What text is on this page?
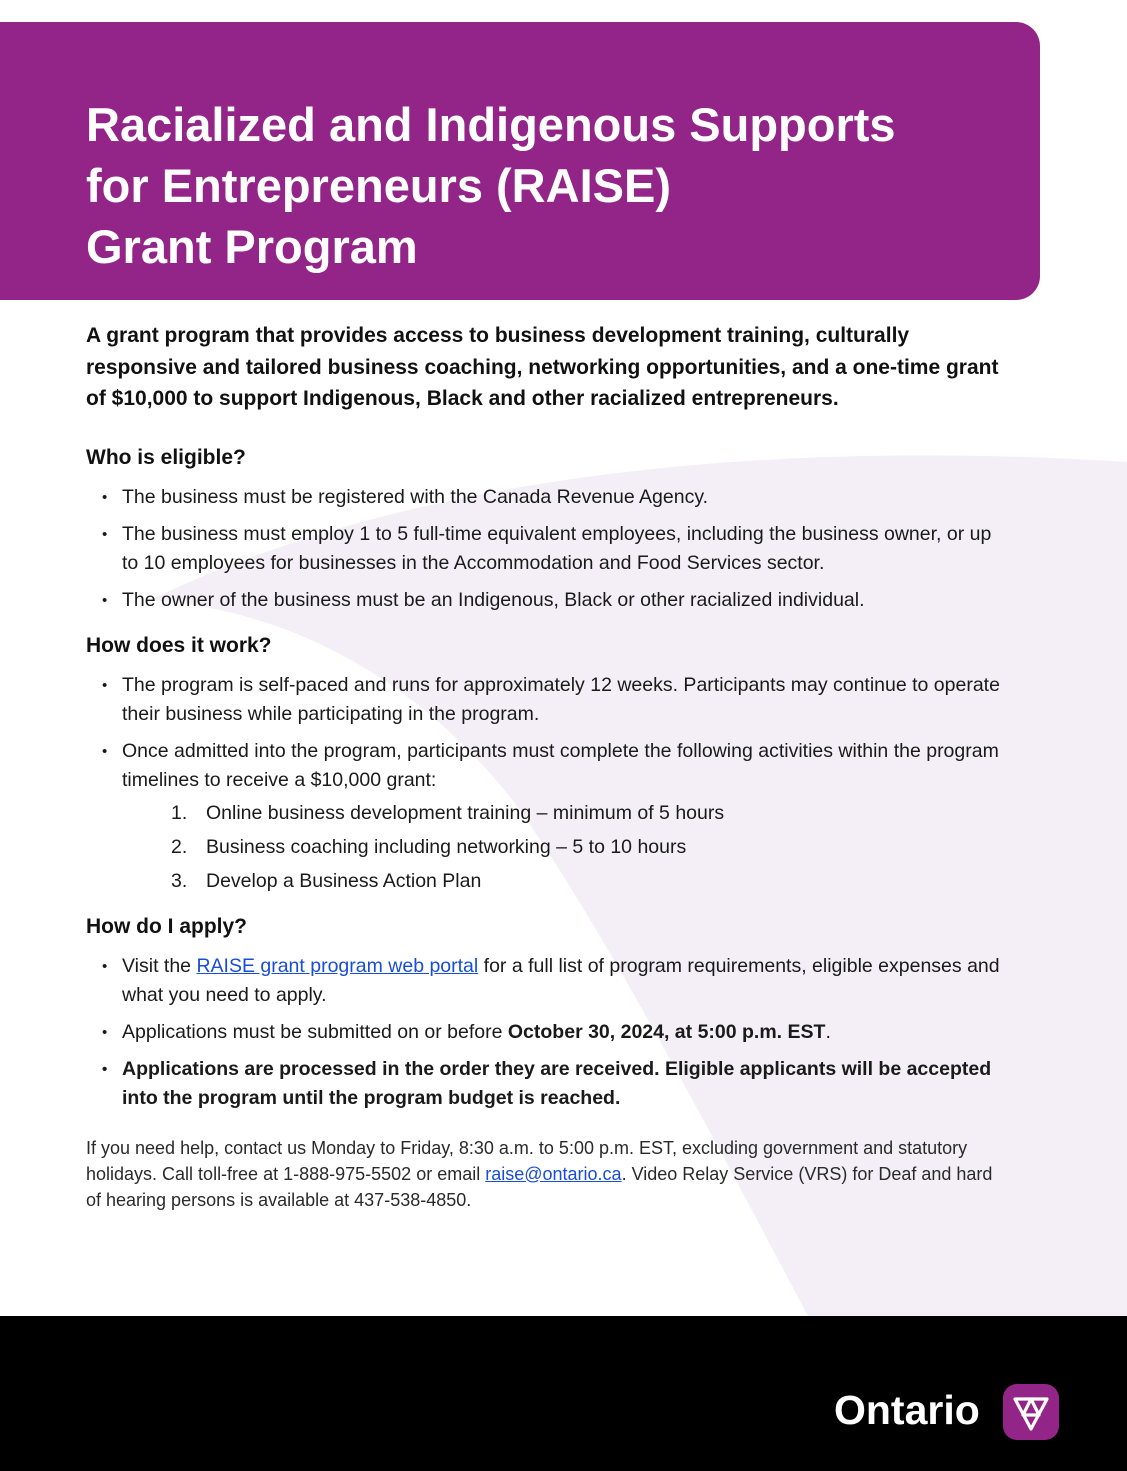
Racialized and Indigenous Supports
for Entrepreneurs (RAISE)
Grant Program

A grant program that provides access to business development training, culturally responsive and tailored business coaching, networking opportunities, and a one-time grant of $10,000 to support Indigenous, Black and other racialized entrepreneurs.

Who is eligible?
• The business must be registered with the Canada Revenue Agency.
• The business must employ 1 to 5 full-time equivalent employees, including the business owner, or up to 10 employees for businesses in the Accommodation and Food Services sector.
• The owner of the business must be an Indigenous, Black or other racialized individual.
How does it work?
• The program is self-paced and runs for approximately 12 weeks. Participants may continue to operate their business while participating in the program.
• Once admitted into the program, participants must complete the following activities within the program timelines to receive a $10,000 grant:
1. Online business development training – minimum of 5 hours
2. Business coaching including networking – 5 to 10 hours
3. Develop a Business Action Plan
How do I apply?
• Visit the RAISE grant program web portal for a full list of program requirements, eligible expenses and what you need to apply.
• Applications must be submitted on or before October 30, 2024, at 5:00 p.m. EST.
• Applications are processed in the order they are received. Eligible applicants will be accepted into the program until the program budget is reached.

If you need help, contact us Monday to Friday, 8:30 a.m. to 5:00 p.m. EST, excluding government and statutory holidays. Call toll-free at 1-888-975-5502 or email raise@ontario.ca. Video Relay Service (VRS) for Deaf and hard of hearing persons is available at 437-538-4850.

Ontario
